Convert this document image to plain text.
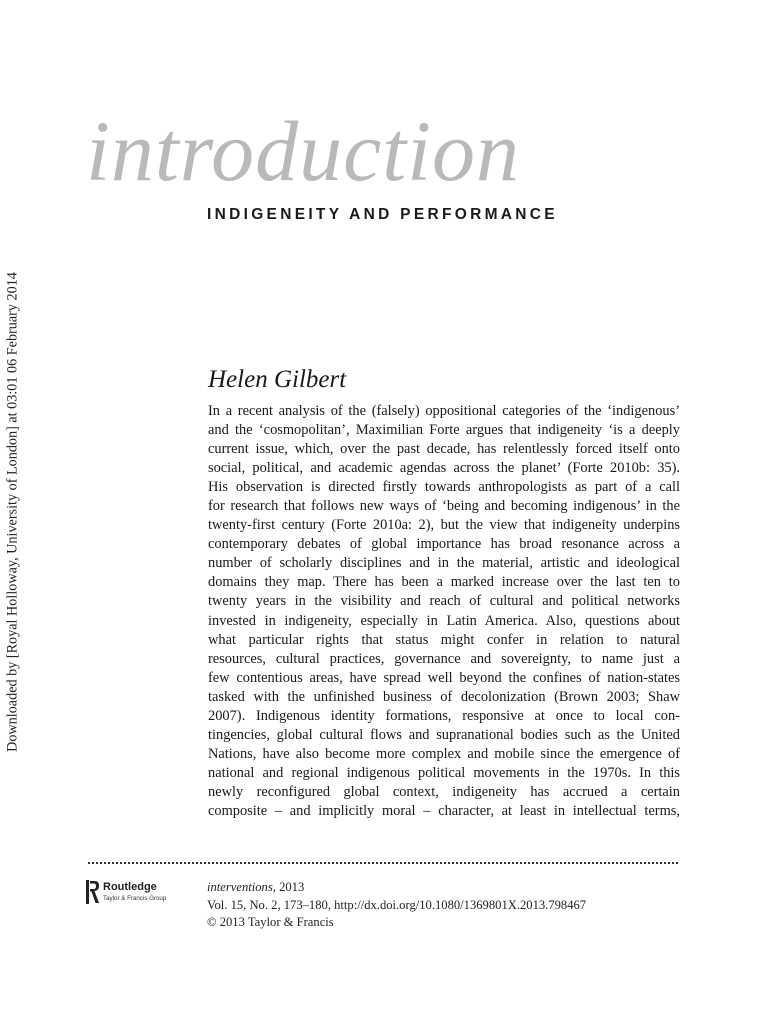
Downloaded by [Royal Holloway, University of London] at 03:01 06 February 2014
introduction
INDIGENEITY AND PERFORMANCE
Helen Gilbert

In a recent analysis of the (falsely) oppositional categories of the ‘indigenous’
and the ‘cosmopolitan’, Maximilian Forte argues that indigeneity ‘is a deeply
current issue, which, over the past decade, has relentlessly forced itself onto
social, political, and academic agendas across the planet’ (Forte 2010b: 35).
His observation is directed firstly towards anthropologists as part of a call
for research that follows new ways of ‘being and becoming indigenous’ in the
twenty-first century (Forte 2010a: 2), but the view that indigeneity underpins
contemporary debates of global importance has broad resonance across a
number of scholarly disciplines and in the material, artistic and ideological
domains they map. There has been a marked increase over the last ten to
twenty years in the visibility and reach of cultural and political networks
invested in indigeneity, especially in Latin America. Also, questions about
what particular rights that status might confer in relation to natural
resources, cultural practices, governance and sovereignty, to name just a
few contentious areas, have spread well beyond the confines of nation-states
tasked with the unfinished business of decolonization (Brown 2003; Shaw
2007). Indigenous identity formations, responsive at once to local con-
tingencies, global cultural flows and supranational bodies such as the United
Nations, have also become more complex and mobile since the emergence of
national and regional indigenous political movements in the 1970s. In this
newly reconfigured global context, indigeneity has accrued a certain
composite – and implicitly moral – character, at least in intellectual terms,

Routledge
Taylor & Francis Group
interventions, 2013
Vol. 15, No. 2, 173–180, http://dx.doi.org/10.1080/1369801X.2013.798467
© 2013 Taylor & Francis
